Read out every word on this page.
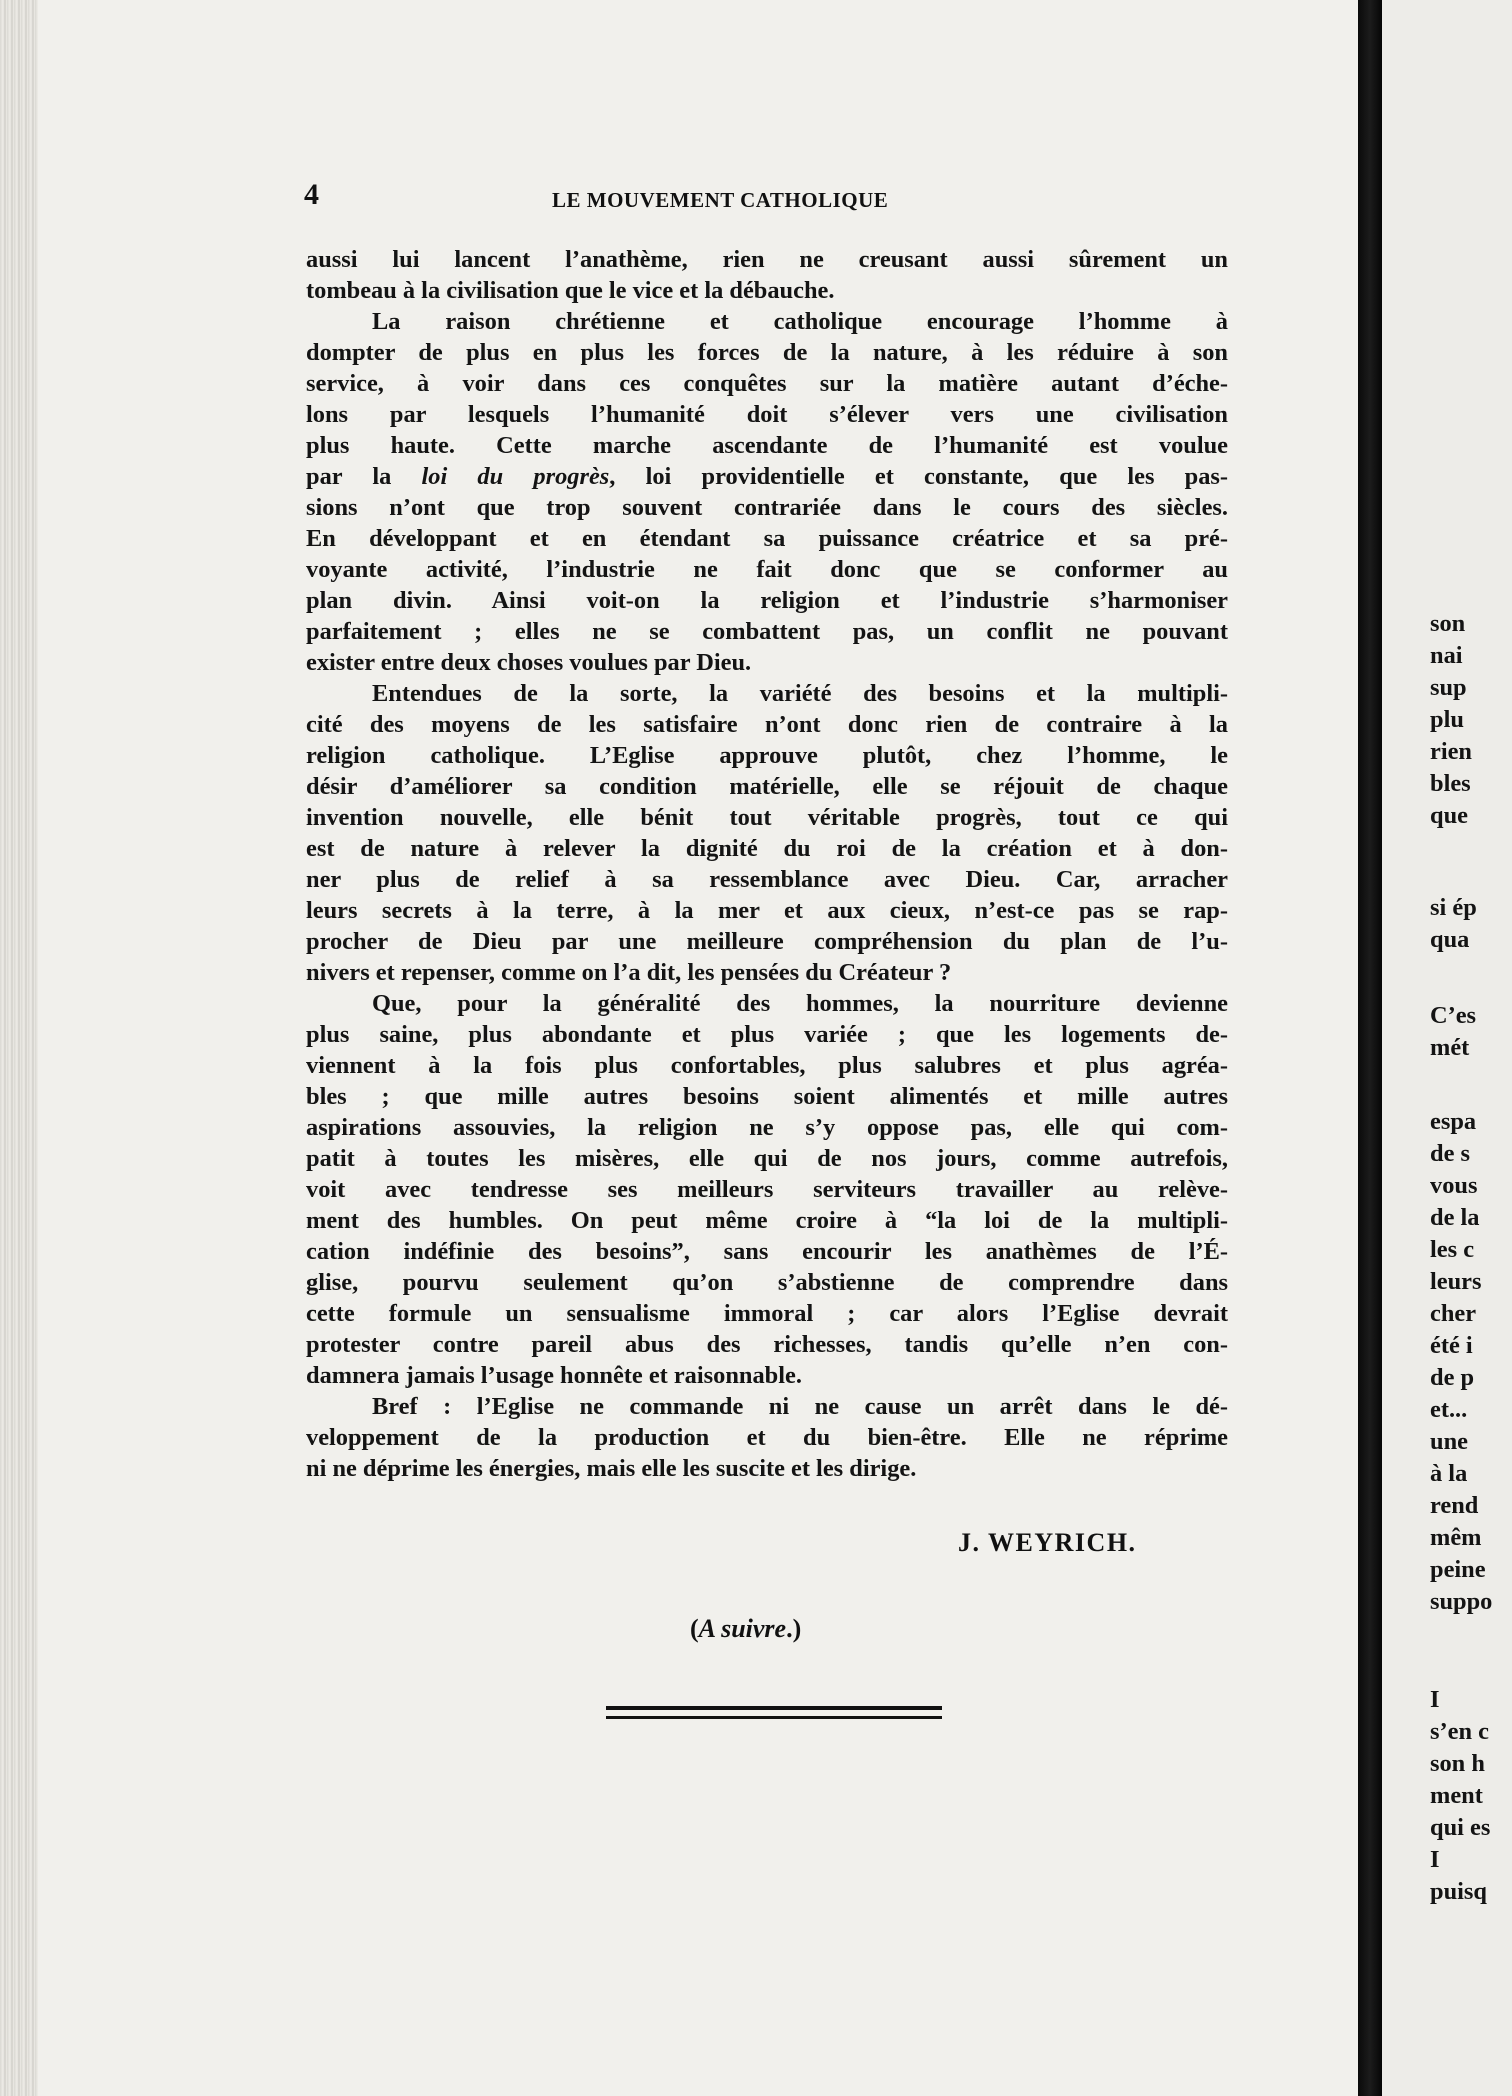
4	LE MOUVEMENT CATHOLIQUE
aussi lui lancent l’anathème, rien ne creusant aussi sûrement un
tombeau à la civilisation que le vice et la débauche.
La raison chrétienne et catholique encourage l’homme à
dompter de plus en plus les forces de la nature, à les réduire à son
service, à voir dans ces conquêtes sur la matière autant d’éche-
lons par lesquels l’humanité doit s’élever vers une civilisation
plus haute. Cette marche ascendante de l’humanité est voulue
par la loi du progrès, loi providentielle et constante, que les pas-
sions n’ont que trop souvent contrariée dans le cours des siècles.
En développant et en étendant sa puissance créatrice et sa pré-
voyante activité, l’industrie ne fait donc que se conformer au
plan divin. Ainsi voit-on la religion et l’industrie s’harmoniser
parfaitement ; elles ne se combattent pas, un conflit ne pouvant
exister entre deux choses voulues par Dieu.
Entendues de la sorte, la variété des besoins et la multipli-
cité des moyens de les satisfaire n’ont donc rien de contraire à la
religion catholique. L’Eglise approuve plutôt, chez l’homme, le
désir d’améliorer sa condition matérielle, elle se réjouit de chaque
invention nouvelle, elle bénit tout véritable progrès, tout ce qui
est de nature à relever la dignité du roi de la création et à don-
ner plus de relief à sa ressemblance avec Dieu. Car, arracher
leurs secrets à la terre, à la mer et aux cieux, n’est-ce pas se rap-
procher de Dieu par une meilleure compréhension du plan de l’u-
nivers et repenser, comme on l’a dit, les pensées du Créateur ?
Que, pour la généralité des hommes, la nourriture devienne
plus saine, plus abondante et plus variée ; que les logements de-
viennent à la fois plus confortables, plus salubres et plus agréa-
bles ; que mille autres besoins soient alimentés et mille autres
aspirations assouvies, la religion ne s’y oppose pas, elle qui com-
patit à toutes les misères, elle qui de nos jours, comme autrefois,
voit avec tendresse ses meilleurs serviteurs travailler au relève-
ment des humbles. On peut même croire à “la loi de la multipli-
cation indéfinie des besoins”, sans encourir les anathèmes de l’É-
glise, pourvu seulement qu’on s’abstienne de comprendre dans
cette formule un sensualisme immoral ; car alors l’Eglise devrait
protester contre pareil abus des richesses, tandis qu’elle n’en con-
damnera jamais l’usage honnête et raisonnable.
Bref : l’Eglise ne commande ni ne cause un arrêt dans le dé-
veloppement de la production et du bien-être. Elle ne réprime
ni ne déprime les énergies, mais elle les suscite et les dirige.
J. WEYRICH.
(A suivre.)
son
nai
sup
plu
rien
bles
que
si ép
qua
C’es
mét
espa
de s
vous
de la
les c
leurs
cher
été i
de p
et...
une
à la
rend
mêm
peine
suppo
I
s’en c
son h
ment
qui es
I
puisq
